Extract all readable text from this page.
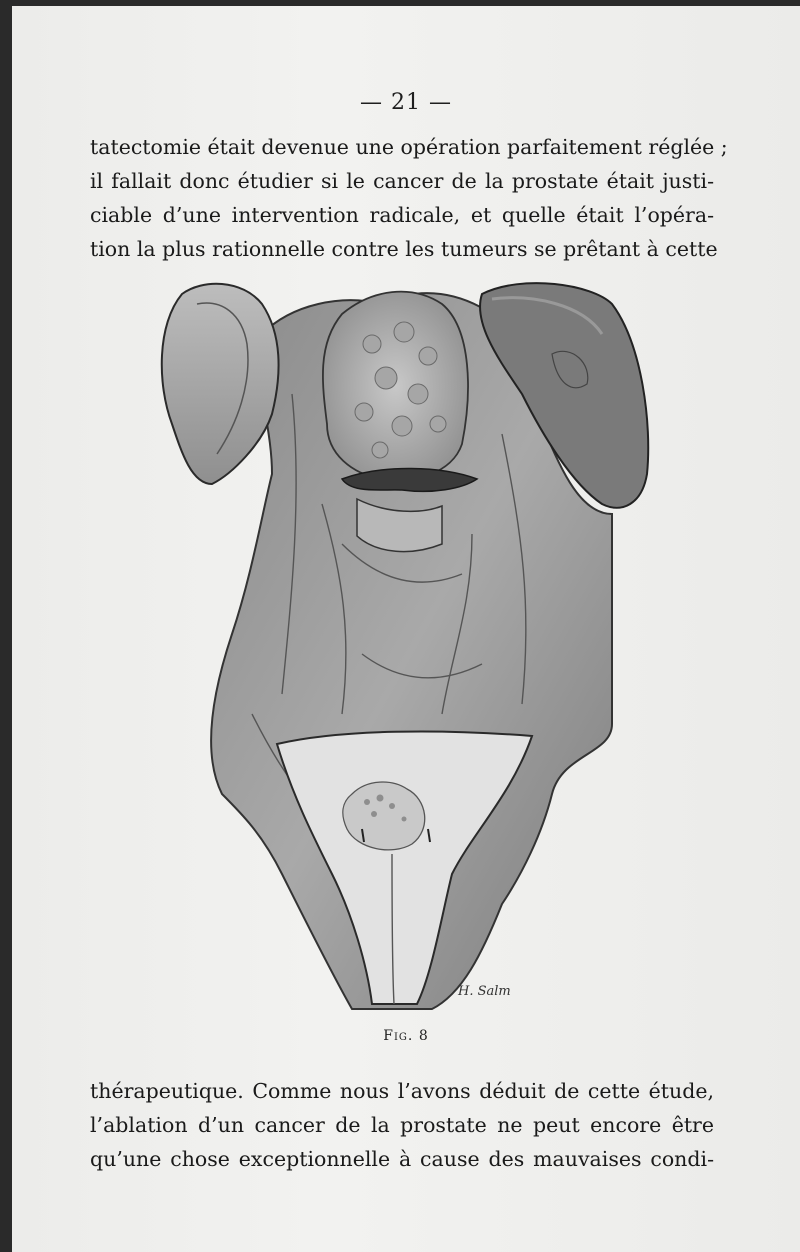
— 21 —
tatectomie était devenue une opération parfaitement réglée ;
il fallait donc étudier si le cancer de la prostate était justi-
ciable d’une intervention radicale, et quelle était l’opéra-
tion la plus rationnelle contre les tumeurs se prêtant à cette
H. Salm
Fig. 8
thérapeutique. Comme nous l’avons déduit de cette étude,
l’ablation d’un cancer de la prostate ne peut encore être
qu’une chose exceptionnelle à cause des mauvaises condi-
